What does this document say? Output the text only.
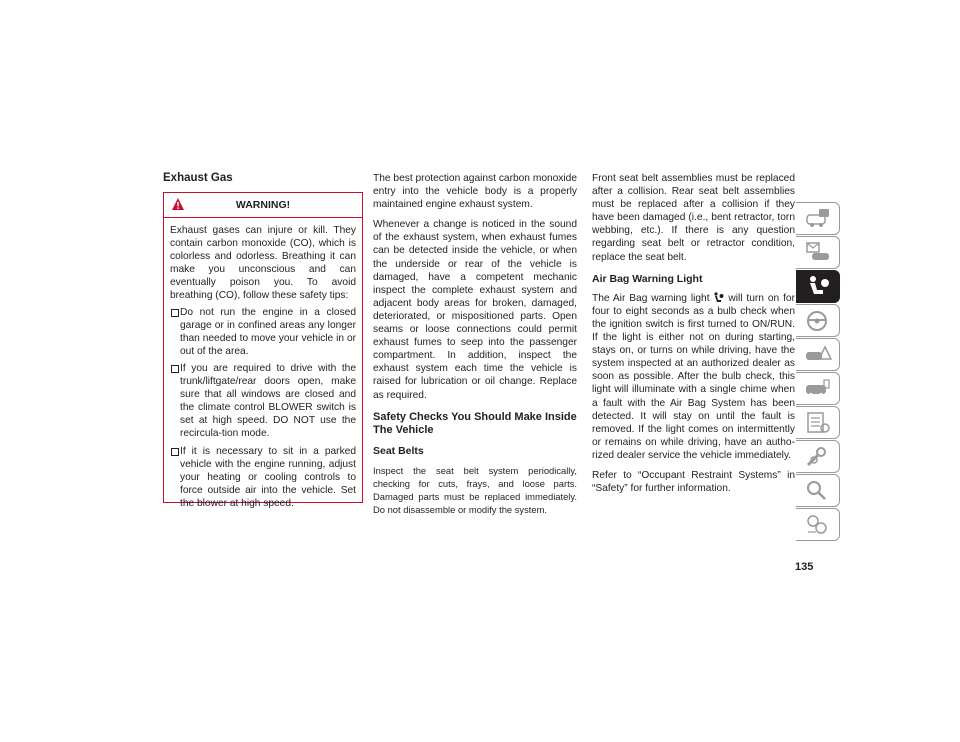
Exhaust Gas
WARNING!

Exhaust gases can injure or kill. They contain carbon monoxide (CO), which is colorless and odorless. Breathing it can make you unconscious and can eventually poison you. To avoid breathing (CO), follow these safety tips:

Do not run the engine in a closed garage or in confined areas any longer than needed to move your vehicle in or out of the area.
If you are required to drive with the trunk/liftgate/rear doors open, make sure that all windows are closed and the climate control BLOWER switch is set at high speed. DO NOT use the recircula-tion mode.
If it is necessary to sit in a parked vehicle with the engine running, adjust your heating or cooling controls to force outside air into the vehicle. Set the blower at high speed.

The best protection against carbon monoxide entry into the vehicle body is a properly maintained engine exhaust system.

Whenever a change is noticed in the sound of the exhaust system, when exhaust fumes can be detected inside the vehicle, or when the underside or rear of the vehicle is damaged, have a competent mechanic inspect the complete exhaust system and adjacent body areas for broken, damaged, deteriorated, or mispositioned parts. Open seams or loose connections could permit exhaust fumes to seep into the passenger compartment. In addition, inspect the exhaust system each time the vehicle is raised for lubrication or oil change. Replace as required.

Safety Checks You Should Make Inside The Vehicle
Seat Belts
Inspect the seat belt system periodically, checking for cuts, frays, and loose parts. Damaged parts must be replaced immediately. Do not disassemble or modify the system.

Front seat belt assemblies must be replaced after a collision. Rear seat belt assemblies must be replaced after a collision if they have been damaged (i.e., bent retractor, torn webbing, etc.). If there is any question regarding seat belt or retractor condition, replace the seat belt.

Air Bag Warning Light

The Air Bag warning light will turn on for four to eight seconds as a bulb check when the ignition switch is first turned to ON/RUN. If the light is either not on during starting, stays on, or turns on while driving, have the system inspected at an authorized dealer as soon as possible. After the bulb check, this light will illuminate with a single chime when a fault with the Air Bag System has been detected. It will stay on until the fault is removed. If the light comes on intermittently or remains on while driving, have an autho-rized dealer service the vehicle immediately.

Refer to “Occupant Restraint Systems” in “Safety” for further information.

135
